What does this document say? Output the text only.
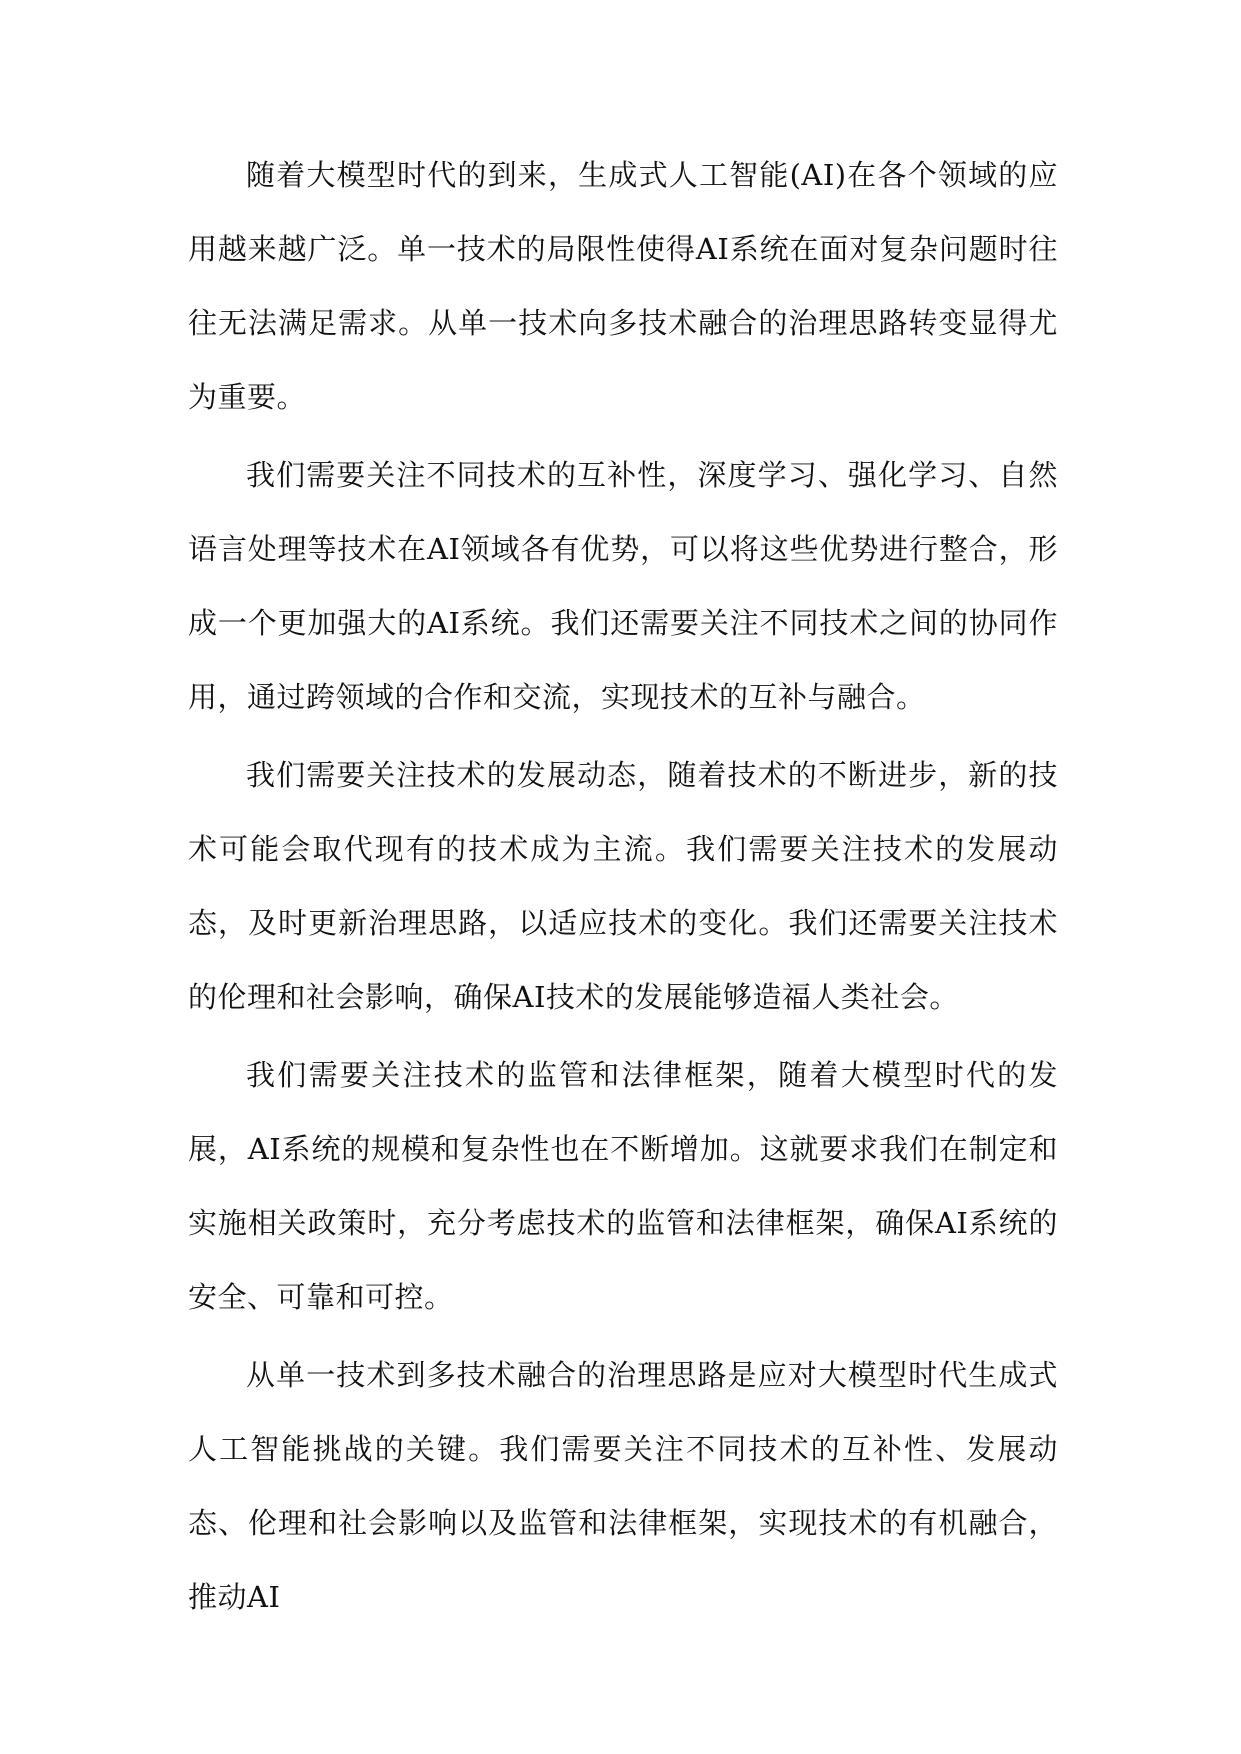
随着大模型时代的到来，生成式人工智能(AI)在各个领域的应用越来越广泛。单一技术的局限性使得AI系统在面对复杂问题时往往无法满足需求。从单一技术向多技术融合的治理思路转变显得尤为重要。

我们需要关注不同技术的互补性，深度学习、强化学习、自然语言处理等技术在AI领域各有优势，可以将这些优势进行整合，形成一个更加强大的AI系统。我们还需要关注不同技术之间的协同作用，通过跨领域的合作和交流，实现技术的互补与融合。

我们需要关注技术的发展动态，随着技术的不断进步，新的技术可能会取代现有的技术成为主流。我们需要关注技术的发展动态，及时更新治理思路，以适应技术的变化。我们还需要关注技术的伦理和社会影响，确保AI技术的发展能够造福人类社会。

我们需要关注技术的监管和法律框架，随着大模型时代的发展，AI系统的规模和复杂性也在不断增加。这就要求我们在制定和实施相关政策时，充分考虑技术的监管和法律框架，确保AI系统的安全、可靠和可控。

从单一技术到多技术融合的治理思路是应对大模型时代生成式人工智能挑战的关键。我们需要关注不同技术的互补性、发展动态、伦理和社会影响以及监管和法律框架，实现技术的有机融合，推动AI
